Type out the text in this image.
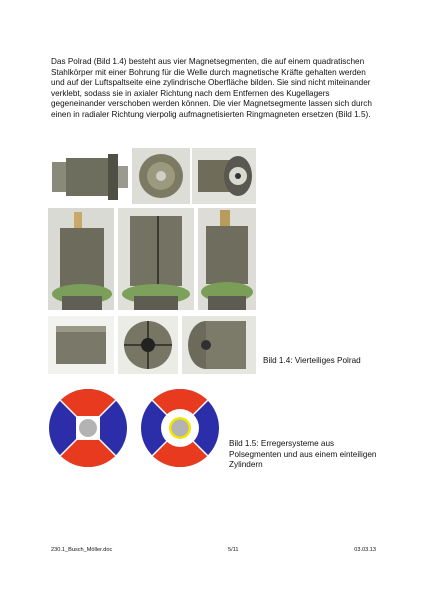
Das Polrad (Bild 1.4) besteht aus vier Magnetsegmenten, die auf einem quadratischen Stahlkörper mit einer Bohrung für die Welle durch magnetische Kräfte gehalten werden und auf der Luftspaltseite eine zylindrische Oberfläche bilden. Sie sind nicht miteinander verklebt, sodass sie in axialer Richtung nach dem Entfernen des Kugellagers gegeneinander verschoben werden können. Die vier Magnetsegmente lassen sich durch einen in radialer Richtung vierpolig aufmagnetisierten Ringmagneten ersetzen (Bild 1.5).

Bild 1.4: Vierteiliges Polrad

Bild 1.5: Erregersysteme aus Polsegmenten und aus einem einteiligen Zylindern

230.1_Busch_Möller.doc	5/11	03.03.13
